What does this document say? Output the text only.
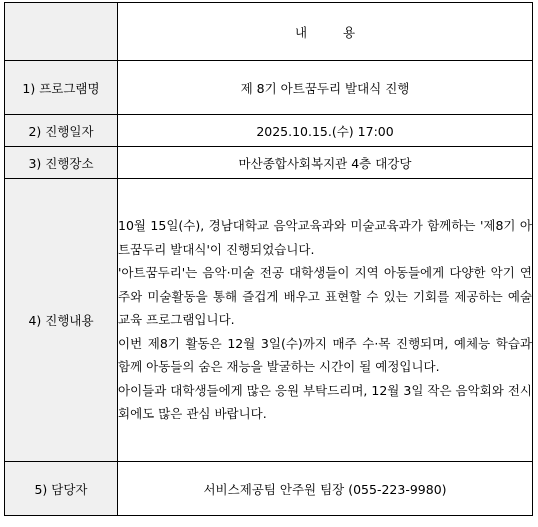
	내 용
1) 프로그램명	제 8기 아트꿈두리 발대식 진행
2) 진행일자	2025.10.15.(수) 17:00
3) 진행장소	마산종합사회복지관 4층 대강당
4) 진행내용	10월 15일(수), 경남대학교 음악교육과와 미술교육과가 함께하는 '제8기 아트꿈두리 발대식'이 진행되었습니다.

'아트꿈두리'는 음악·미술 전공 대학생들이 지역 아동들에게 다양한 악기 연주와 미술활동을 통해 즐겁게 배우고 표현할 수 있는 기회를 제공하는 예술교육 프로그램입니다.

이번 제8기 활동은 12월 3일(수)까지 매주 수·목 진행되며, 예체능 학습과 함께 아동들의 숨은 재능을 발굴하는 시간이 될 예정입니다.

아이들과 대학생들에게 많은 응원 부탁드리며, 12월 3일 작은 음악회와 전시회에도 많은 관심 바랍니다.

5) 담당자	서비스제공팀 안주원 팀장 (055-223-9980)
